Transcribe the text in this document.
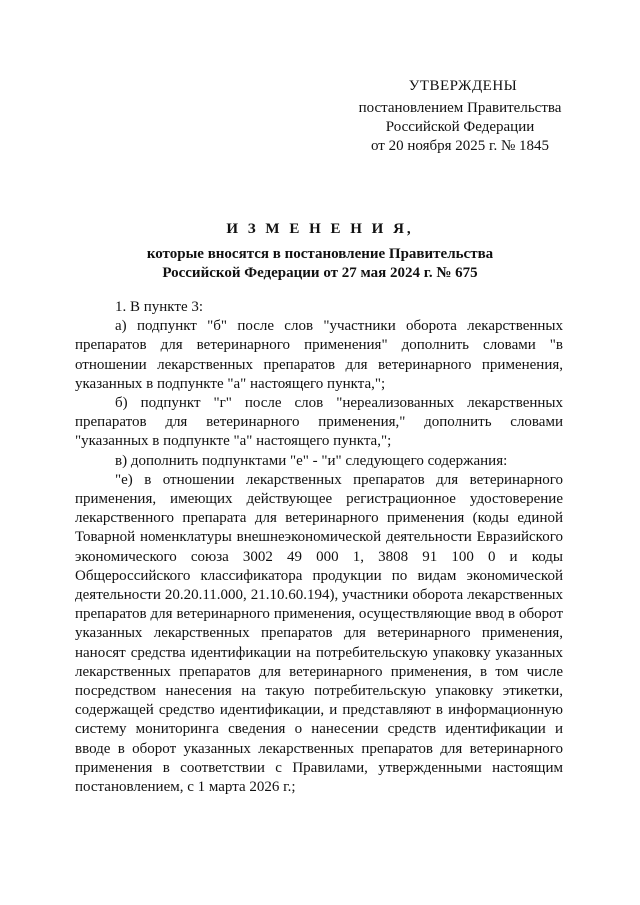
УТВЕРЖДЕНЫ
постановлением Правительства
Российской Федерации
от 20 ноября 2025 г. № 1845
И З М Е Н Е Н И Я,
которые вносятся в постановление Правительства
Российской Федерации от 27 мая 2024 г. № 675

1. В пункте 3:

а) подпункт "б" после слов "участники оборота лекарственных препаратов для ветеринарного применения" дополнить словами "в отношении лекарственных препаратов для ветеринарного применения, указанных в подпункте "а" настоящего пункта,";

б) подпункт "г" после слов "нереализованных лекарственных препаратов для ветеринарного применения," дополнить словами "указанных в подпункте "а" настоящего пункта,";

в) дополнить подпунктами "е" - "и" следующего содержания:

"е) в отношении лекарственных препаратов для ветеринарного применения, имеющих действующее регистрационное удостоверение лекарственного препарата для ветеринарного применения (коды единой Товарной номенклатуры внешнеэкономической деятельности Евразийского экономического союза 3002 49 000 1, 3808 91 100 0 и коды Общероссийского классификатора продукции по видам экономической деятельности 20.20.11.000, 21.10.60.194), участники оборота лекарственных препаратов для ветеринарного применения, осуществляющие ввод в оборот указанных лекарственных препаратов для ветеринарного применения, наносят средства идентификации на потребительскую упаковку указанных лекарственных препаратов для ветеринарного применения, в том числе посредством нанесения на такую потребительскую упаковку этикетки, содержащей средство идентификации, и представляют в информационную систему мониторинга сведения о нанесении средств идентификации и вводе в оборот указанных лекарственных препаратов для ветеринарного применения в соответствии с Правилами, утвержденными настоящим постановлением, с 1 марта 2026 г.;
